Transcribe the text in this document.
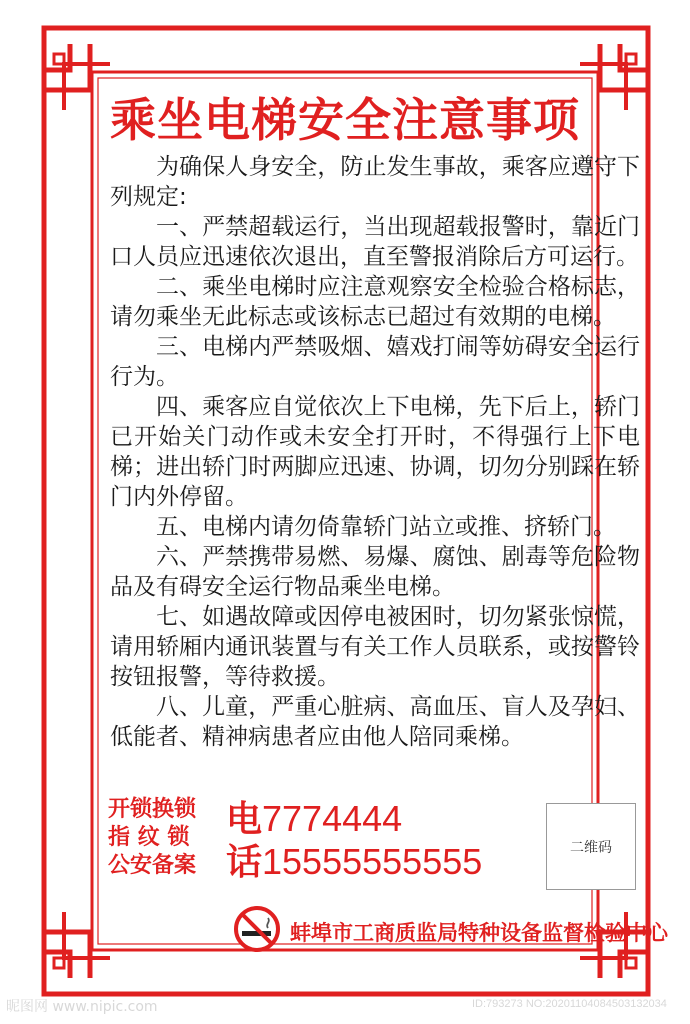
乘坐电梯安全注意事项

为确保人身安全，防止发生事故，乘客应遵守下列规定:

一、严禁超载运行，当出现超载报警时，靠近门口人员应迅速依次退出，直至警报消除后方可运行。

二、乘坐电梯时应注意观察安全检验合格标志，请勿乘坐无此标志或该标志已超过有效期的电梯。

三、电梯内严禁吸烟、嬉戏打闹等妨碍安全运行行为。

四、乘客应自觉依次上下电梯，先下后上，轿门已开始关门动作或未安全打开时，不得强行上下电梯；进出轿门时两脚应迅速、协调，切勿分别踩在轿门内外停留。

五、电梯内请勿倚靠轿门站立或推、挤轿门。

六、严禁携带易燃、易爆、腐蚀、剧毒等危险物品及有碍安全运行物品乘坐电梯。

七、如遇故障或因停电被困时，切勿紧张惊慌，请用轿厢内通讯装置与有关工作人员联系，或按警铃按钮报警，等待救援。

八、儿童，严重心脏病、高血压、盲人及孕妇、低能者、精神病患者应由他人陪同乘梯。

开锁换锁
指 纹 锁
公安备案
电7774444
话15555555555	二维码
蚌埠市工商质监局特种设备监督检验中心
昵图网 www.nipic.com	ID:793273 NO:20201104084503132034
